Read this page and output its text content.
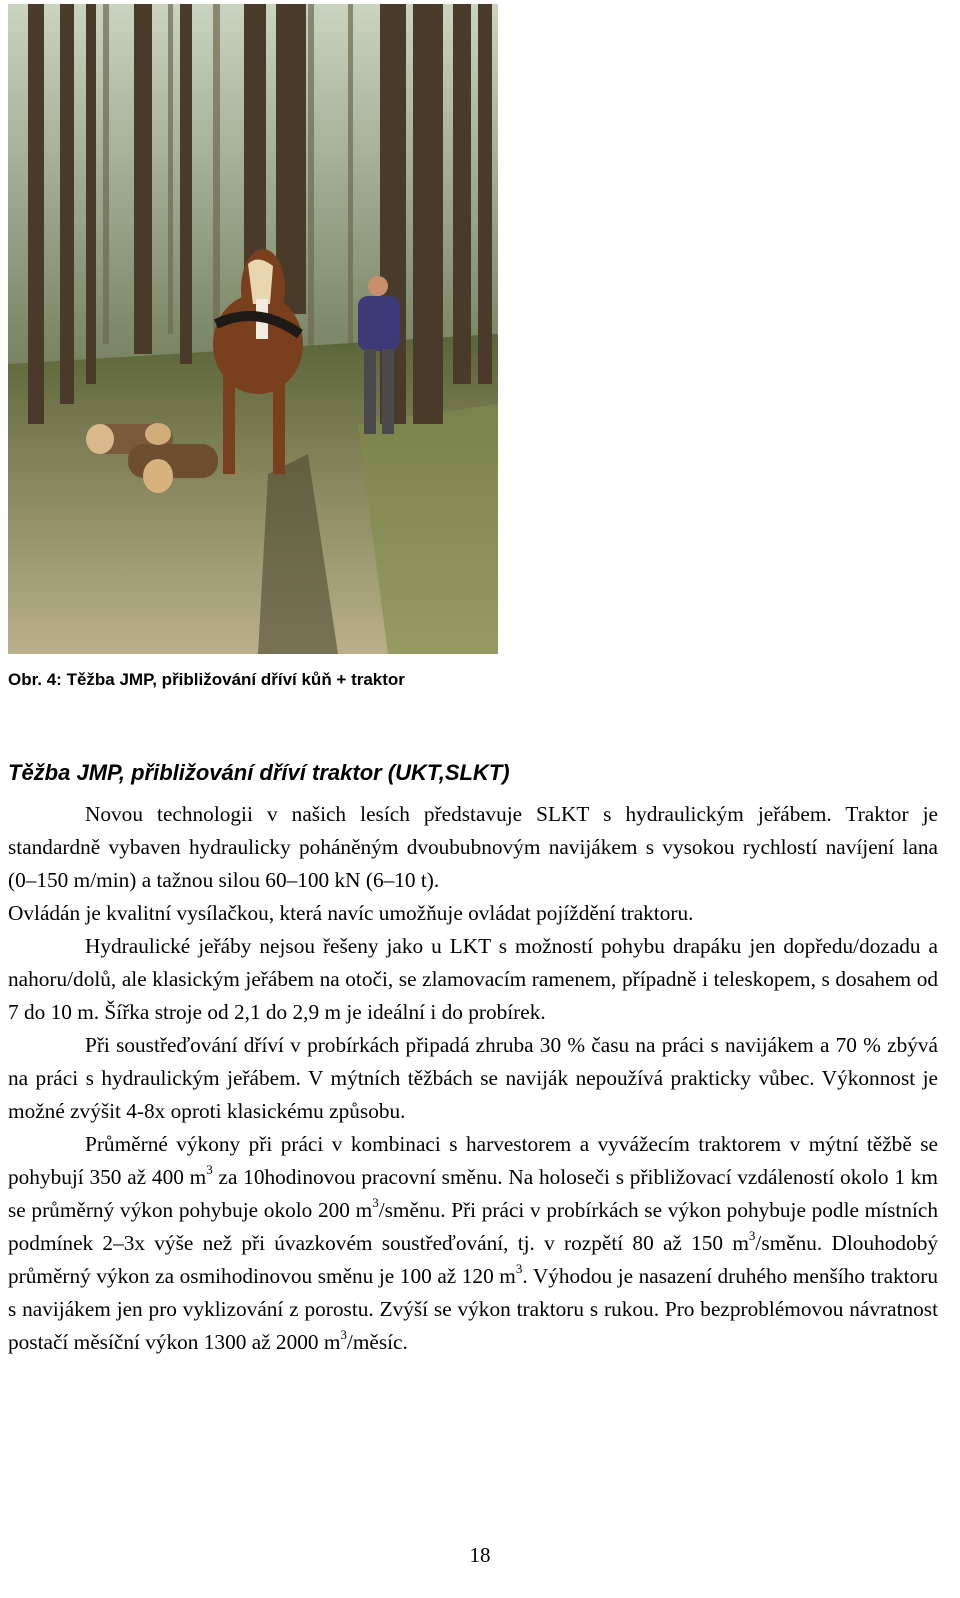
Obr. 4: Těžba JMP, přibližování dříví kůň + traktor
Těžba JMP, přibližování dříví traktor (UKT,SLKT)

Novou technologii v našich lesích představuje SLKT s hydraulickým jeřábem. Traktor je standardně vybaven hydraulicky poháněným dvoububnovým navijákem s vysokou rychlostí navíjení lana (0–150 m/min) a tažnou silou 60–100 kN (6–10 t).

Ovládán je kvalitní vysílačkou, která navíc umožňuje ovládat pojíždění traktoru.

Hydraulické jeřáby nejsou řešeny jako u LKT s možností pohybu drapáku jen dopředu/dozadu a nahoru/dolů, ale klasickým jeřábem na otoči, se zlamovacím ramenem, případně i teleskopem, s dosahem od 7 do 10 m. Šířka stroje od 2,1 do 2,9 m je ideální i do probírek.

Při soustřeďování dříví v probírkách připadá zhruba 30 % času na práci s navijákem a 70 % zbývá na práci s hydraulickým jeřábem. V mýtních těžbách se naviják nepoužívá prakticky vůbec. Výkonnost je možné zvýšit 4-8x oproti klasickému způsobu.

Průměrné výkony při práci v kombinaci s harvestorem a vyvážecím traktorem v mýtní těžbě se pohybují 350 až 400 $m^3$ za 10hodinovou pracovní směnu. Na holoseči s přibližovací vzdáleností okolo 1 km se průměrný výkon pohybuje okolo 200 $m^3$/směnu. Při práci v probírkách se výkon pohybuje podle místních podmínek 2–3x výše než při úvazkovém soustřeďování, tj. v rozpětí 80 až 150 $m^3$/směnu. Dlouhodobý průměrný výkon za osmihodinovou směnu je 100 až 120 $m^3$. Výhodou je nasazení druhého menšího traktoru s navijákem jen pro vyklizování z porostu. Zvýší se výkon traktoru s rukou. Pro bezproblémovou návratnost postačí měsíční výkon 1300 až 2000 $m^3$/měsíc.

18
